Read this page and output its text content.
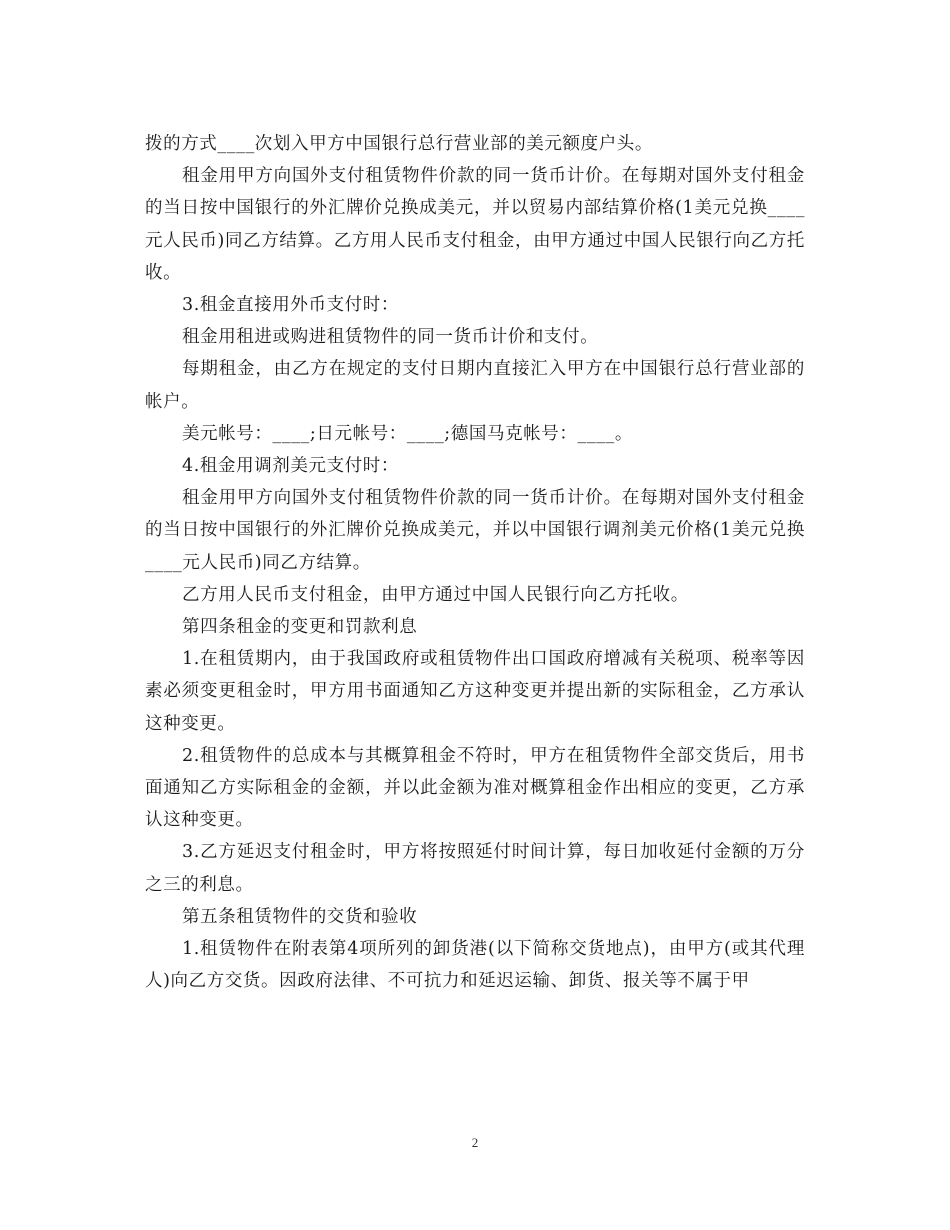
拨的方式____次划入甲方中国银行总行营业部的美元额度户头。

租金用甲方向国外支付租赁物件价款的同一货币计价。在每期对国外支付租金的当日按中国银行的外汇牌价兑换成美元，并以贸易内部结算价格(1美元兑换____元人民币)同乙方结算。乙方用人民币支付租金，由甲方通过中国人民银行向乙方托收。

3.租金直接用外币支付时：

租金用租进或购进租赁物件的同一货币计价和支付。

每期租金，由乙方在规定的支付日期内直接汇入甲方在中国银行总行营业部的帐户。

美元帐号：____;日元帐号：____;德国马克帐号：____。

4.租金用调剂美元支付时：

租金用甲方向国外支付租赁物件价款的同一货币计价。在每期对国外支付租金的当日按中国银行的外汇牌价兑换成美元，并以中国银行调剂美元价格(1美元兑换____元人民币)同乙方结算。

乙方用人民币支付租金，由甲方通过中国人民银行向乙方托收。

第四条租金的变更和罚款利息

1.在租赁期内，由于我国政府或租赁物件出口国政府增减有关税项、税率等因素必须变更租金时，甲方用书面通知乙方这种变更并提出新的实际租金，乙方承认这种变更。

2.租赁物件的总成本与其概算租金不符时，甲方在租赁物件全部交货后，用书面通知乙方实际租金的金额，并以此金额为准对概算租金作出相应的变更，乙方承认这种变更。

3.乙方延迟支付租金时，甲方将按照延付时间计算，每日加收延付金额的万分之三的利息。

第五条租赁物件的交货和验收

1.租赁物件在附表第4项所列的卸货港(以下简称交货地点)，由甲方(或其代理人)向乙方交货。因政府法律、不可抗力和延迟运输、卸货、报关等不属于甲

2
